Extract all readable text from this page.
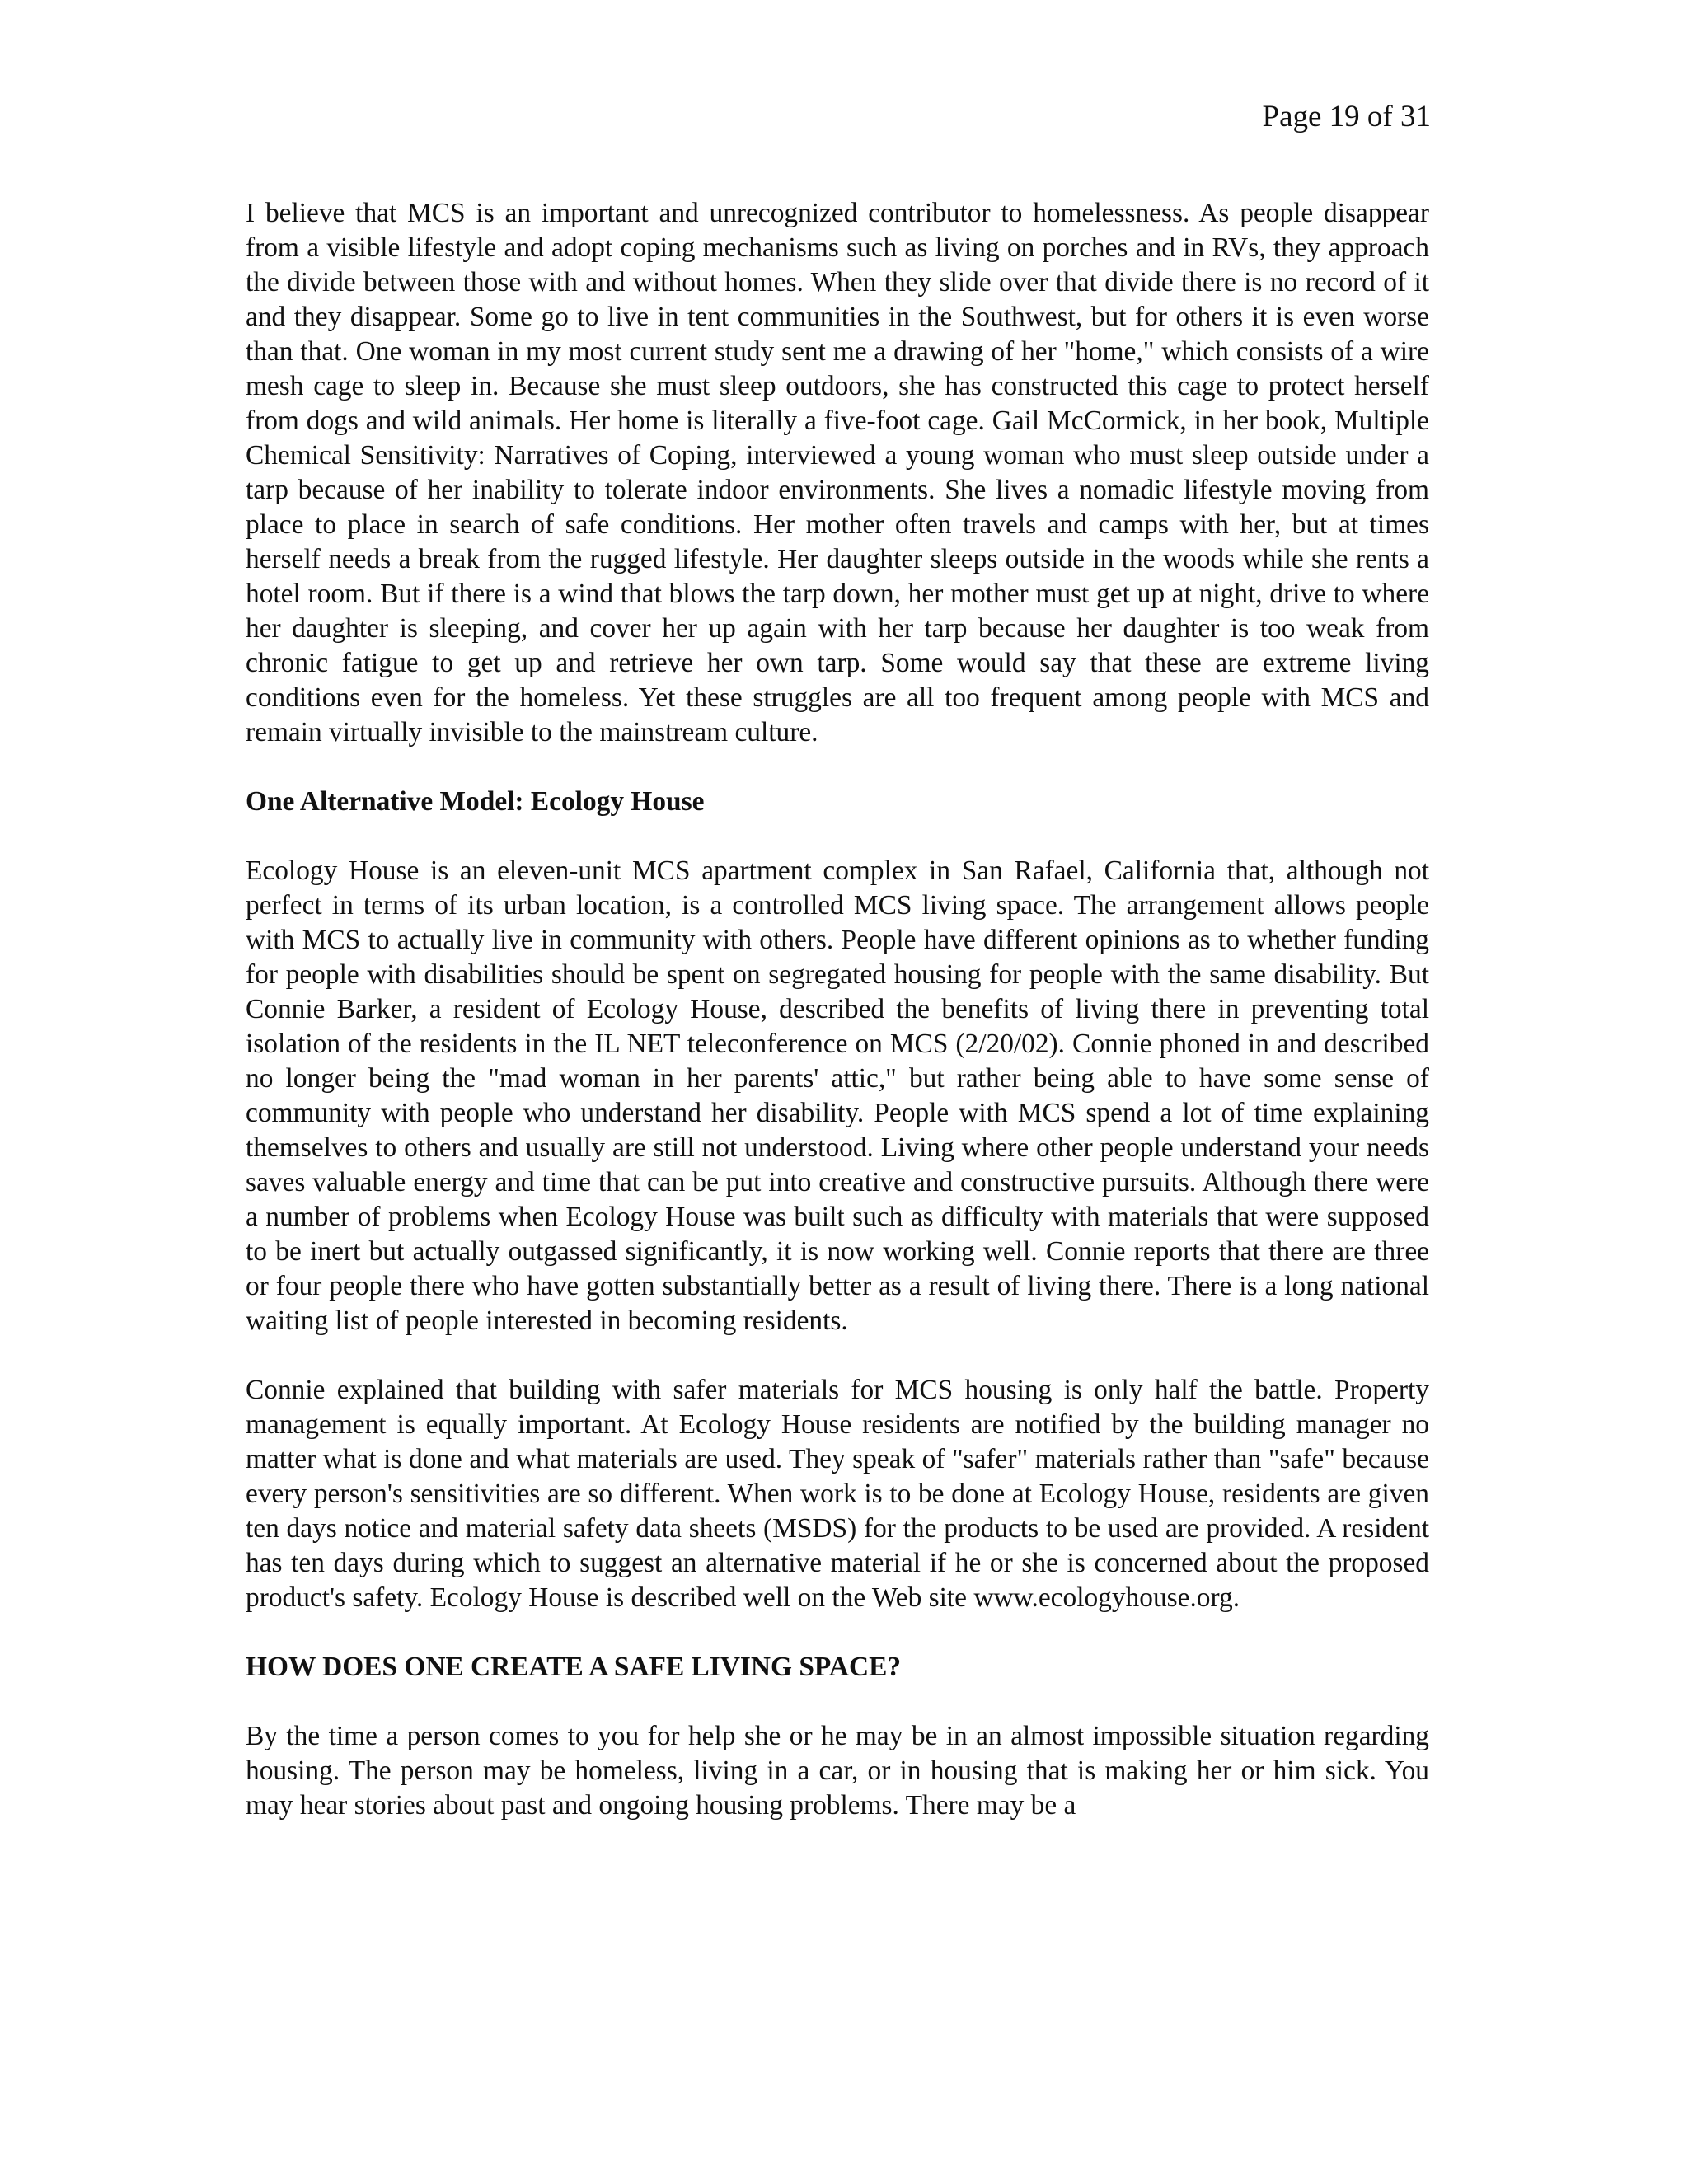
Page 19 of 31

I believe that MCS is an important and unrecognized contributor to homelessness. As people disappear from a visible lifestyle and adopt coping mechanisms such as living on porches and in RVs, they approach the divide between those with and without homes. When they slide over that divide there is no record of it and they disappear. Some go to live in tent communities in the Southwest, but for others it is even worse than that. One woman in my most current study sent me a drawing of her "home," which consists of a wire mesh cage to sleep in. Because she must sleep outdoors, she has constructed this cage to protect herself from dogs and wild animals. Her home is literally a five-foot cage. Gail McCormick, in her book, Multiple Chemical Sensitivity: Narratives of Coping, interviewed a young woman who must sleep outside under a tarp because of her inability to tolerate indoor environments. She lives a nomadic lifestyle moving from place to place in search of safe conditions. Her mother often travels and camps with her, but at times herself needs a break from the rugged lifestyle. Her daughter sleeps outside in the woods while she rents a hotel room. But if there is a wind that blows the tarp down, her mother must get up at night, drive to where her daughter is sleeping, and cover her up again with her tarp because her daughter is too weak from chronic fatigue to get up and retrieve her own tarp. Some would say that these are extreme living conditions even for the homeless. Yet these struggles are all too frequent among people with MCS and remain virtually invisible to the mainstream culture.

One Alternative Model: Ecology House

Ecology House is an eleven-unit MCS apartment complex in San Rafael, California that, although not perfect in terms of its urban location, is a controlled MCS living space. The arrangement allows people with MCS to actually live in community with others. People have different opinions as to whether funding for people with disabilities should be spent on segregated housing for people with the same disability. But Connie Barker, a resident of Ecology House, described the benefits of living there in preventing total isolation of the residents in the IL NET teleconference on MCS (2/20/02). Connie phoned in and described no longer being the "mad woman in her parents' attic," but rather being able to have some sense of community with people who understand her disability. People with MCS spend a lot of time explaining themselves to others and usually are still not understood. Living where other people understand your needs saves valuable energy and time that can be put into creative and constructive pursuits. Although there were a number of problems when Ecology House was built such as difficulty with materials that were supposed to be inert but actually outgassed significantly, it is now working well. Connie reports that there are three or four people there who have gotten substantially better as a result of living there. There is a long national waiting list of people interested in becoming residents.

Connie explained that building with safer materials for MCS housing is only half the battle. Property management is equally important. At Ecology House residents are notified by the building manager no matter what is done and what materials are used. They speak of "safer" materials rather than "safe" because every person's sensitivities are so different. When work is to be done at Ecology House, residents are given ten days notice and material safety data sheets (MSDS) for the products to be used are provided. A resident has ten days during which to suggest an alternative material if he or she is concerned about the proposed product's safety. Ecology House is described well on the Web site www.ecologyhouse.org.

HOW DOES ONE CREATE A SAFE LIVING SPACE?

By the time a person comes to you for help she or he may be in an almost impossible situation regarding housing. The person may be homeless, living in a car, or in housing that is making her or him sick. You may hear stories about past and ongoing housing problems. There may be a
